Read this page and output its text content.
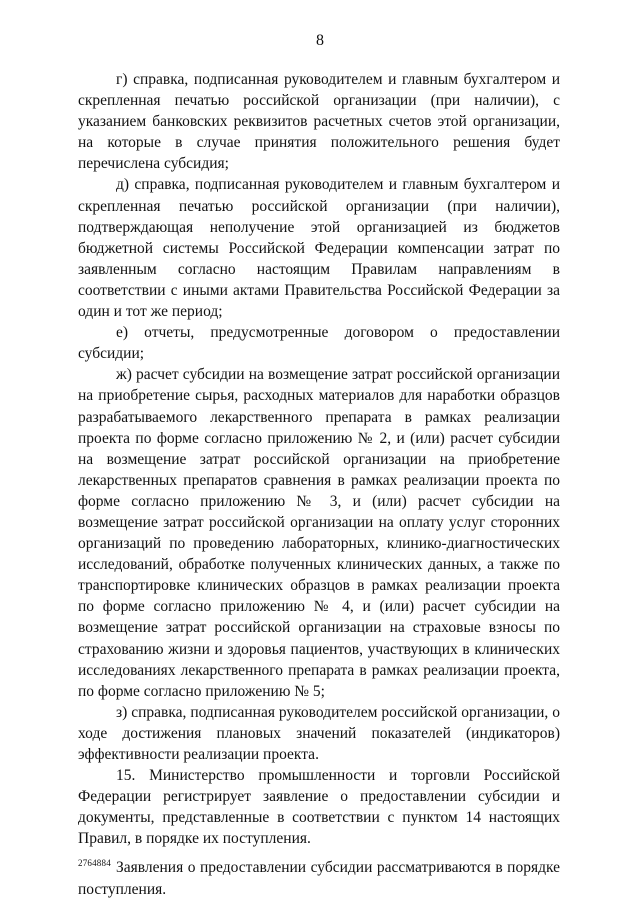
8

г) справка, подписанная руководителем и главным бухгалтером и скрепленная печатью российской организации (при наличии), с указанием банковских реквизитов расчетных счетов этой организации, на которые в случае принятия положительного решения будет перечислена субсидия;

д) справка, подписанная руководителем и главным бухгалтером и скрепленная печатью российской организации (при наличии), подтверждающая неполучение этой организацией из бюджетов бюджетной системы Российской Федерации компенсации затрат по заявленным согласно настоящим Правилам направлениям в соответствии с иными актами Правительства Российской Федерации за один и тот же период;

е) отчеты, предусмотренные договором о предоставлении субсидии;

ж) расчет субсидии на возмещение затрат российской организации на приобретение сырья, расходных материалов для наработки образцов разрабатываемого лекарственного препарата в рамках реализации проекта по форме согласно приложению № 2, и (или) расчет субсидии на возмещение затрат российской организации на приобретение лекарственных препаратов сравнения в рамках реализации проекта по форме согласно приложению № 3, и (или) расчет субсидии на возмещение затрат российской организации на оплату услуг сторонних организаций по проведению лабораторных, клинико-диагностических исследований, обработке полученных клинических данных, а также по транспортировке клинических образцов в рамках реализации проекта по форме согласно приложению № 4, и (или) расчет субсидии на возмещение затрат российской организации на страховые взносы по страхованию жизни и здоровья пациентов, участвующих в клинических исследованиях лекарственного препарата в рамках реализации проекта, по форме согласно приложению № 5;

з) справка, подписанная руководителем российской организации, о ходе достижения плановых значений показателей (индикаторов) эффективности реализации проекта.

15. Министерство промышленности и торговли Российской Федерации регистрирует заявление о предоставлении субсидии и документы, представленные в соответствии с пунктом 14 настоящих Правил, в порядке их поступления.

Заявления о предоставлении субсидии рассматриваются в порядке поступления.

2764884
